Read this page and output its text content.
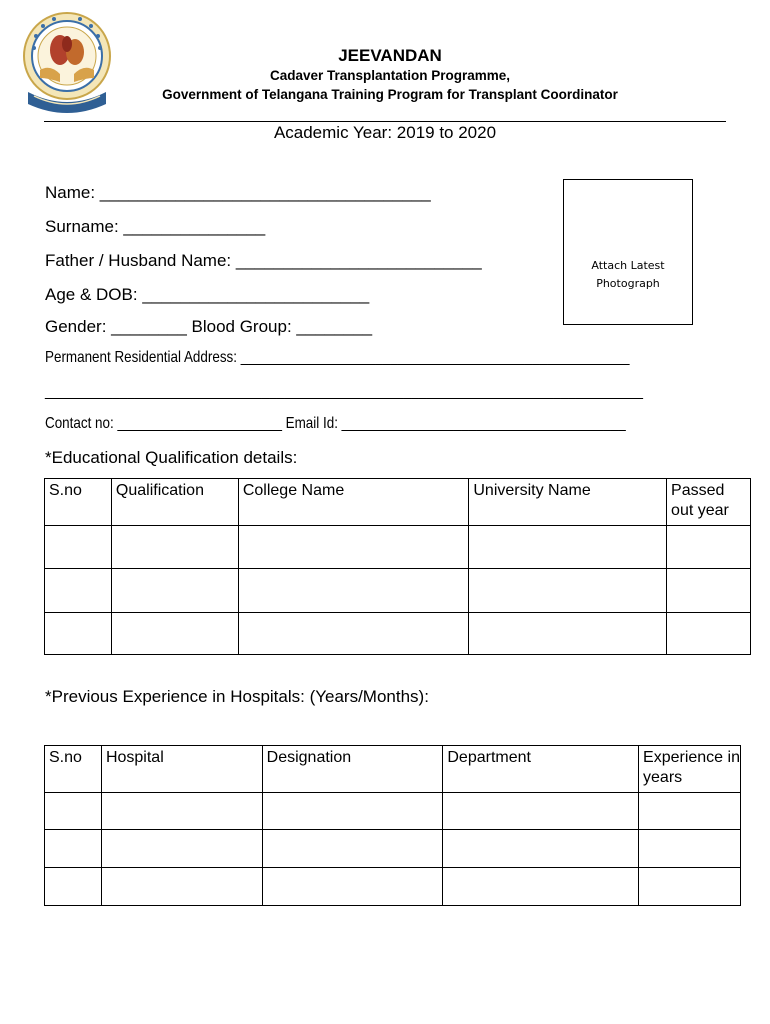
JEEVANDAN
Cadaver Transplantation Programme,
Government of Telangana Training Program for Transplant Coordinator
Academic Year: 2019 to 2020
Name: ___________________________________
Surname: _______________
Father / Husband Name: __________________________
Age & DOB: ________________________
Gender: ________ Blood Group: ________
Permanent Residential Address: ____________________________________________________
________________________________________________________________________________
Contact no: ______________________ Email Id: ______________________________________
Attach Latest
Photograph
*Educational Qualification details:
S.no	Qualification	College Name	University Name	Passed out year

*Previous Experience in Hospitals: (Years/Months):
S.no	Hospital	Designation	Department	Experience in years
